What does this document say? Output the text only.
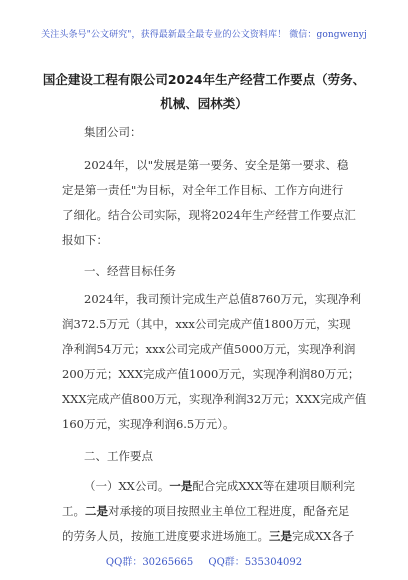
关注头条号"公文研究"，获得最新最全最专业的公文资料库！ 微信：gongwenyj
国企建设工程有限公司2024年生产经营工作要点（劳务、
机械、园林类）
集团公司：
2024年，以"发展是第一要务、安全是第一要求、稳
定是第一责任"为目标，对全年工作目标、工作方向进行
了细化。结合公司实际，现将2024年生产经营工作要点汇
报如下：
一、经营目标任务
2024年，我司预计完成生产总值8760万元，实现净利
润372.5万元（其中，xxx公司完成产值1800万元，实现
净利润54万元；xxx公司完成产值5000万元，实现净利润
200万元；XXX完成产值1000万元，实现净利润80万元；
XXX完成产值800万元，实现净利润32万元；XXX完成产值
160万元，实现净利润6.5万元）。
二、工作要点
（一）XX公司。一是配合完成XXX等在建项目顺利完
工。二是对承接的项目按照业主单位工程进度，配备充足
的劳务人员，按施工进度要求进场施工。三是完成XX各子
QQ群：30265665 QQ群：535304092
